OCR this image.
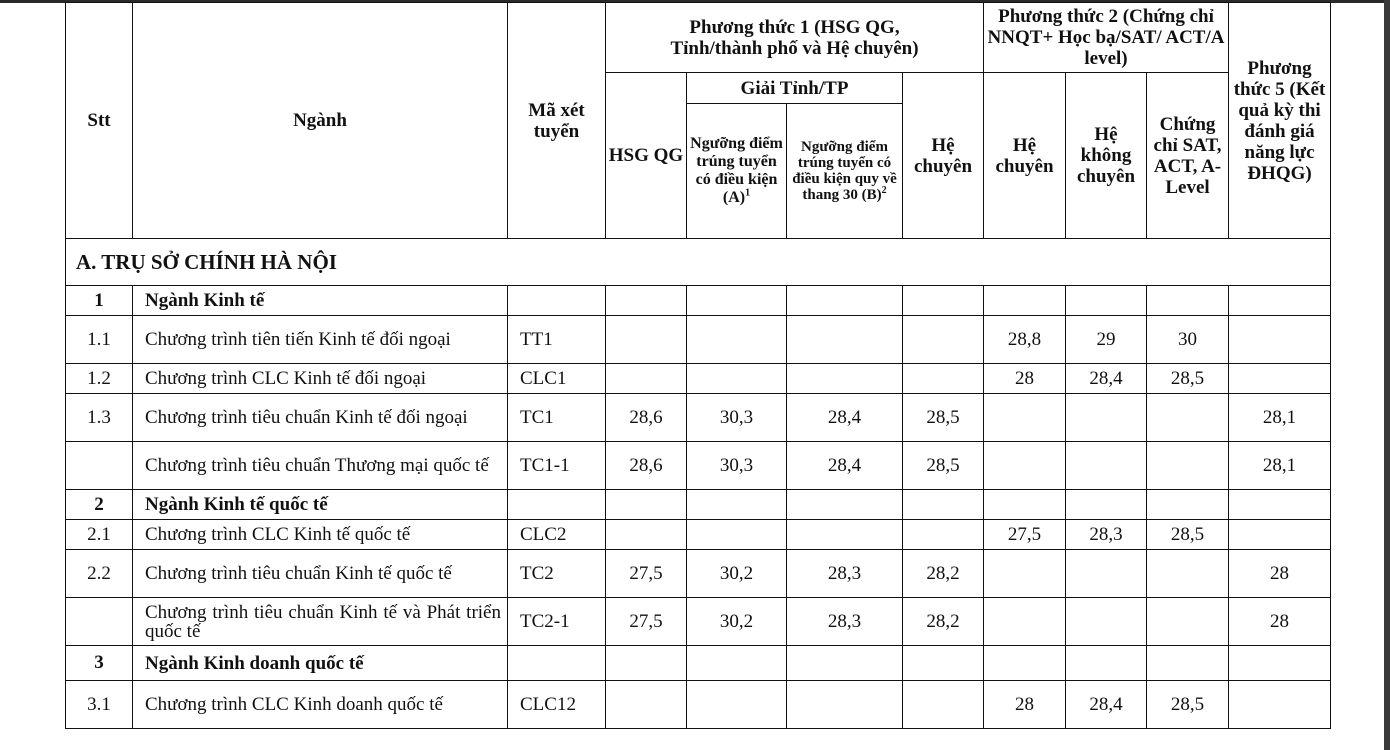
Stt	Ngành	Mã xét tuyển	Phương thức 1 (HSG QG, Tỉnh/thành phố và Hệ chuyên)				Phương thức 2 (Chứng chỉ NNQT+ Học bạ/SAT/ ACT/A level)			Phương thức 5 (Kết quả kỳ thi đánh giá năng lực ĐHQG)
			HSG QG	Giải Tỉnh/TP		Hệ chuyên	Hệ chuyên	Hệ không chuyên	Chứng chỉ SAT, ACT, A-Level	
				Ngưỡng điểm trúng tuyển có điều kiện $(A)^1$	Ngưỡng điểm trúng tuyển có điều kiện quy về thang 30 $(B)^2$
A. TRỤ SỞ CHÍNH HÀ NỘI										
1	Ngành Kinh tế									
1.1	Chương trình tiên tiến Kinh tế đối ngoại	TT1					28,8	29	30	
1.2	Chương trình CLC Kinh tế đối ngoại	CLC1					28	28,4	28,5	
1.3	Chương trình tiêu chuẩn Kinh tế đối ngoại	TC1	28,6	30,3	28,4	28,5				28,1
	Chương trình tiêu chuẩn Thương mại quốc tế	TC1-1	28,6	30,3	28,4	28,5				28,1
2	Ngành Kinh tế quốc tế									
2.1	Chương trình CLC Kinh tế quốc tế	CLC2					27,5	28,3	28,5	
2.2	Chương trình tiêu chuẩn Kinh tế quốc tế	TC2	27,5	30,2	28,3	28,2				28
	Chương trình tiêu chuẩn Kinh tế và Phát triển quốc tế	TC2-1	27,5	30,2	28,3	28,2				28
3	Ngành Kinh doanh quốc tế									
3.1	Chương trình CLC Kinh doanh quốc tế	CLC12					28	28,4	28,5	
